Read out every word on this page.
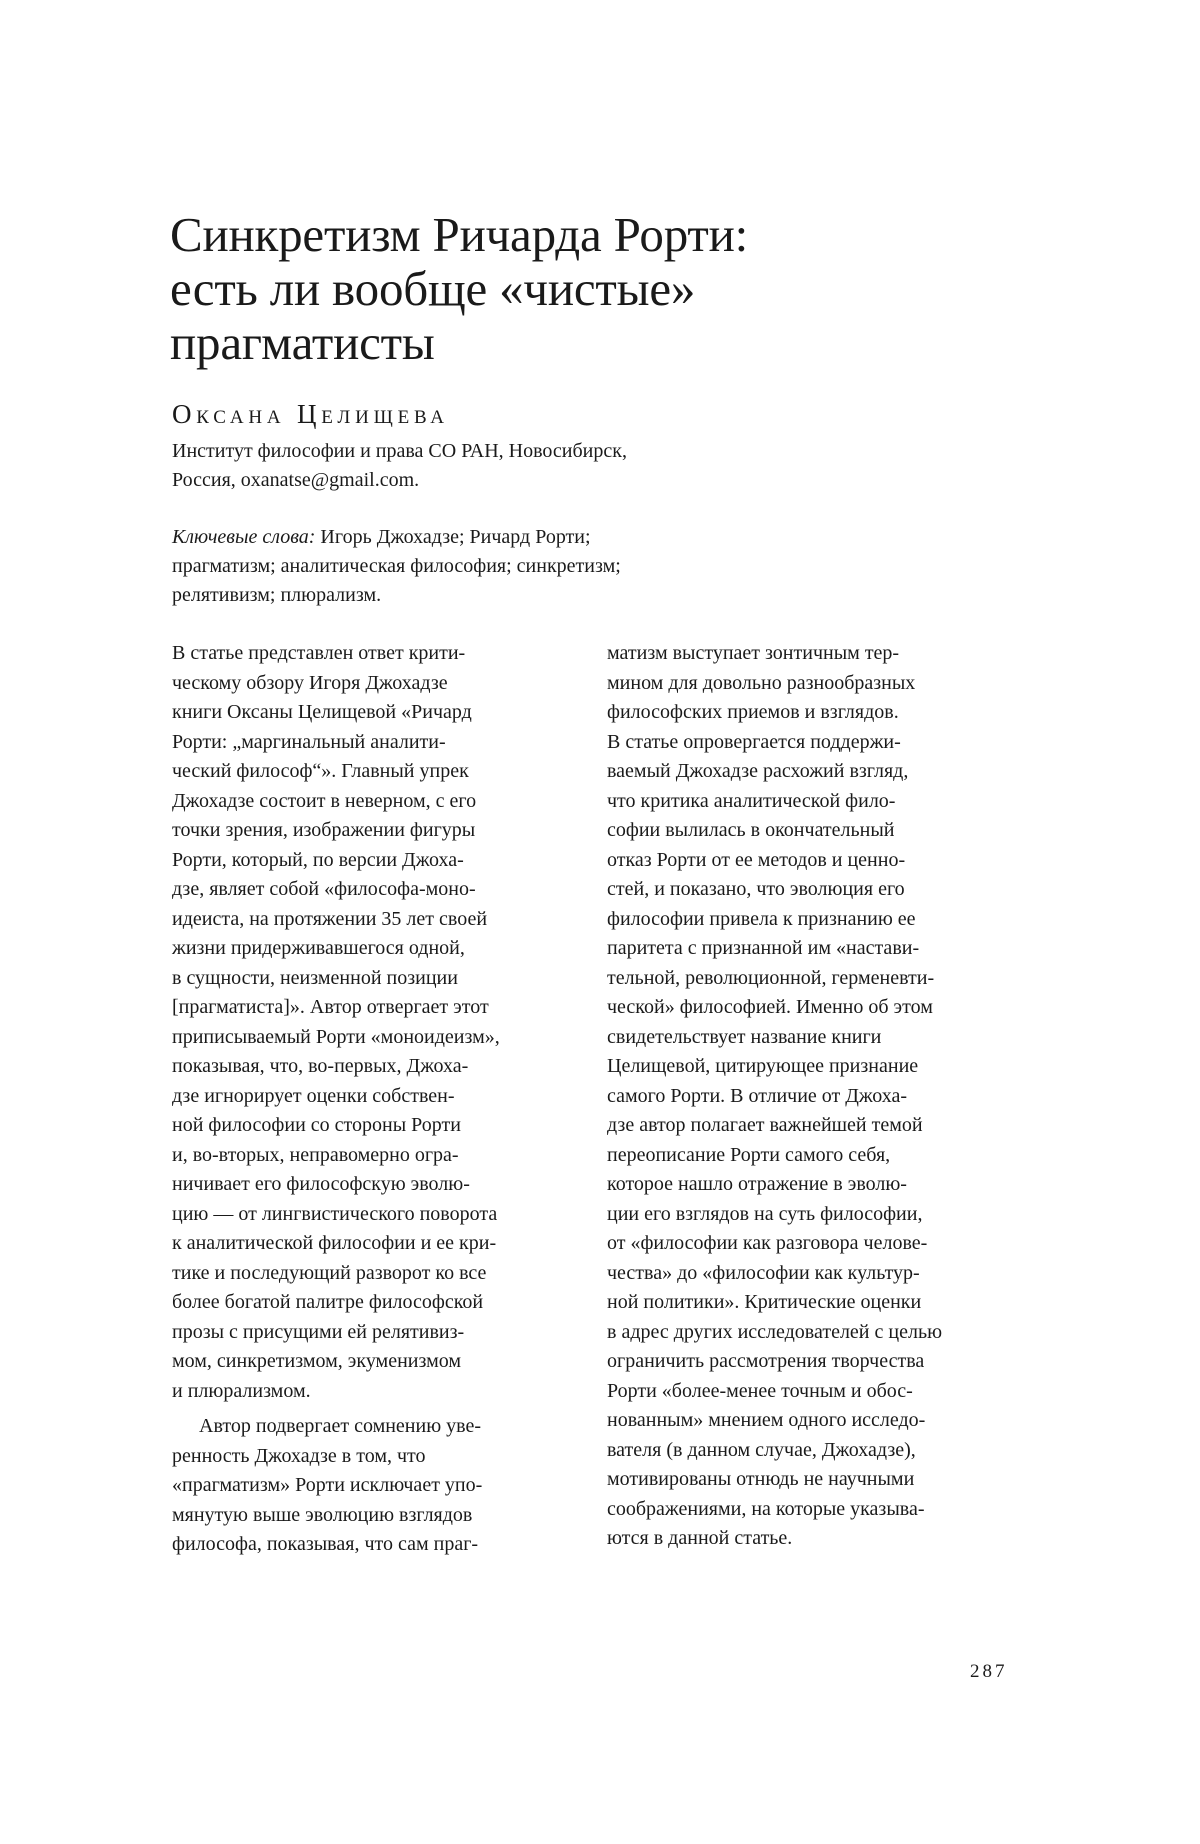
Синкретизм Ричарда Рорти:
есть ли вообще «чистые»
прагматисты
Оксана Целищева
Институт философии и права СО РАН, Новосибирск,
Россия, oxanatse@gmail.com.
Ключевые слова: Игорь Джохадзе; Ричард Рорти;
прагматизм; аналитическая философия; синкретизм;
релятивизм; плюрализм.
В статье представлен ответ крити-
ческому обзору Игоря Джохадзе
книги Оксаны Целищевой «Ричард
Рорти: „маргинальный аналити-
ческий философ“». Главный упрек
Джохадзе состоит в неверном, с его
точки зрения, изображении фигуры
Рорти, который, по версии Джоха-
дзе, являет собой «философа-моно-
идеиста, на протяжении 35 лет своей
жизни придерживавшегося одной,
в сущности, неизменной позиции
[прагматиста]». Автор отвергает этот
приписываемый Рорти «моноидеизм»,
показывая, что, во-первых, Джоха-
дзе игнорирует оценки собствен-
ной философии со стороны Рорти
и, во-вторых, неправомерно огра-
ничивает его философскую эволю-
цию — от лингвистического поворота
к аналитической философии и ее кри-
тике и последующий разворот ко все
более богатой палитре философской
прозы с присущими ей релятивиз-
мом, синкретизмом, экуменизмом
и плюрализмом.
Автор подвергает сомнению уве-
ренность Джохадзе в том, что
«прагматизм» Рорти исключает упо-
мянутую выше эволюцию взглядов
философа, показывая, что сам праг-
матизм выступает зонтичным тер-
мином для довольно разнообразных
философских приемов и взглядов.
В статье опровергается поддержи-
ваемый Джохадзе расхожий взгляд,
что критика аналитической фило-
софии вылилась в окончательный
отказ Рорти от ее методов и ценно-
стей, и показано, что эволюция его
философии привела к признанию ее
паритета с признанной им «настави-
тельной, революционной, герменевти-
ческой» философией. Именно об этом
свидетельствует название книги
Целищевой, цитирующее признание
самого Рорти. В отличие от Джоха-
дзе автор полагает важнейшей темой
переописание Рорти самого себя,
которое нашло отражение в эволю-
ции его взглядов на суть философии,
от «философии как разговора челове-
чества» до «философии как культур-
ной политики». Критические оценки
в адрес других исследователей с целью
ограничить рассмотрения творчества
Рорти «более-менее точным и обос-
нованным» мнением одного исследо-
вателя (в данном случае, Джохадзе),
мотивированы отнюдь не научными
соображениями, на которые указыва-
ются в данной статье.
287
